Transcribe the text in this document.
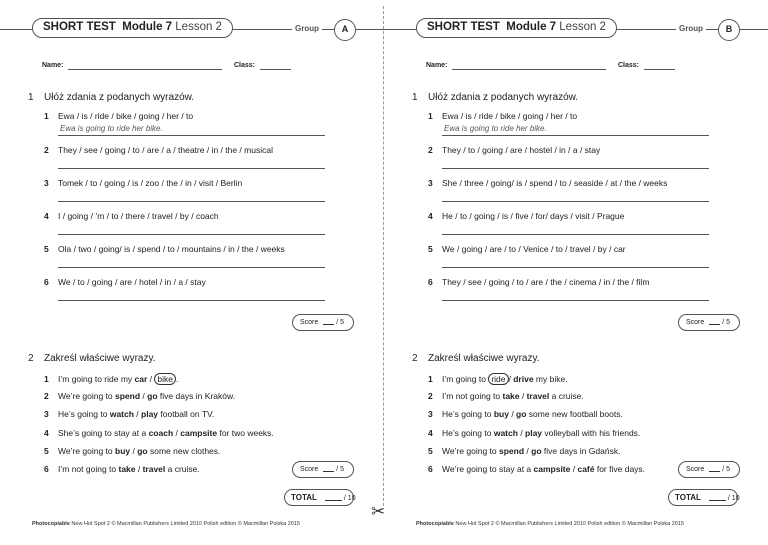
✂
SHORT TEST Module 7 Lesson 2	Group	A
Name:	Class:
1 Ułóż zdania z podanych wyrazów.
1 Ewa / is / ride / bike / going / her / to
Ewa is going to ride her bike.
2 They / see / going / to / are / a / theatre / in / the / musical
3 Tomek / to / going / is / zoo / the / in / visit / Berlin
4 I / going / ’m / to / there / travel / by / coach
5 Ola / two / going/ is / spend / to / mountains / in / the / weeks
6 We / to / going / are / hotel / in / a / stay
Score	/ 5
2 Zakreśl właściwe wyrazy.
1 I’m going to ride my car / bike .
2 We’re going to spend / go five days in Kraków.
3 He’s going to watch / play football on TV.
4 She’s going to stay at a coach / campsite for two weeks.
5 We’re going to buy / go some new clothes.
6 I’m not going to take / travel a cruise.	Score	/ 5
TOTAL	/ 10
Photocopiable New Hot Spot 2 © Macmillan Publishers Limited 2010 Polish edition © Macmillan Polska 2015
SHORT TEST Module 7 Lesson 2	Group	B
Name:	Class:
1 Ułóż zdania z podanych wyrazów.
1 Ewa / is / ride / bike / going / her / to
Ewa is going to ride her bike.
2 They / to / going / are / hostel / in / a / stay
3 She / three / going/ is / spend / to / seaside / at / the / weeks
4 He / to / going / is / five / for/ days / visit / Prague
5 We / going / are / to / Venice / to / travel / by / car
6 They / see / going / to / are / the / cinema / in / the / film
Score	/ 5
2 Zakreśl właściwe wyrazy.
1 I’m going to ride / drive my bike.
2 I’m not going to take / travel a cruise.
3 He’s going to buy / go some new football boots.
4 He’s going to watch / play volleyball with his friends.
5 We’re going to spend / go five days in Gdańsk.
6 We’re going to stay at a campsite / café for five days.	Score	/ 5
TOTAL	/ 10
Photocopiable New Hot Spot 2 © Macmillan Publishers Limited 2010 Polish edition © Macmillan Polska 2015
